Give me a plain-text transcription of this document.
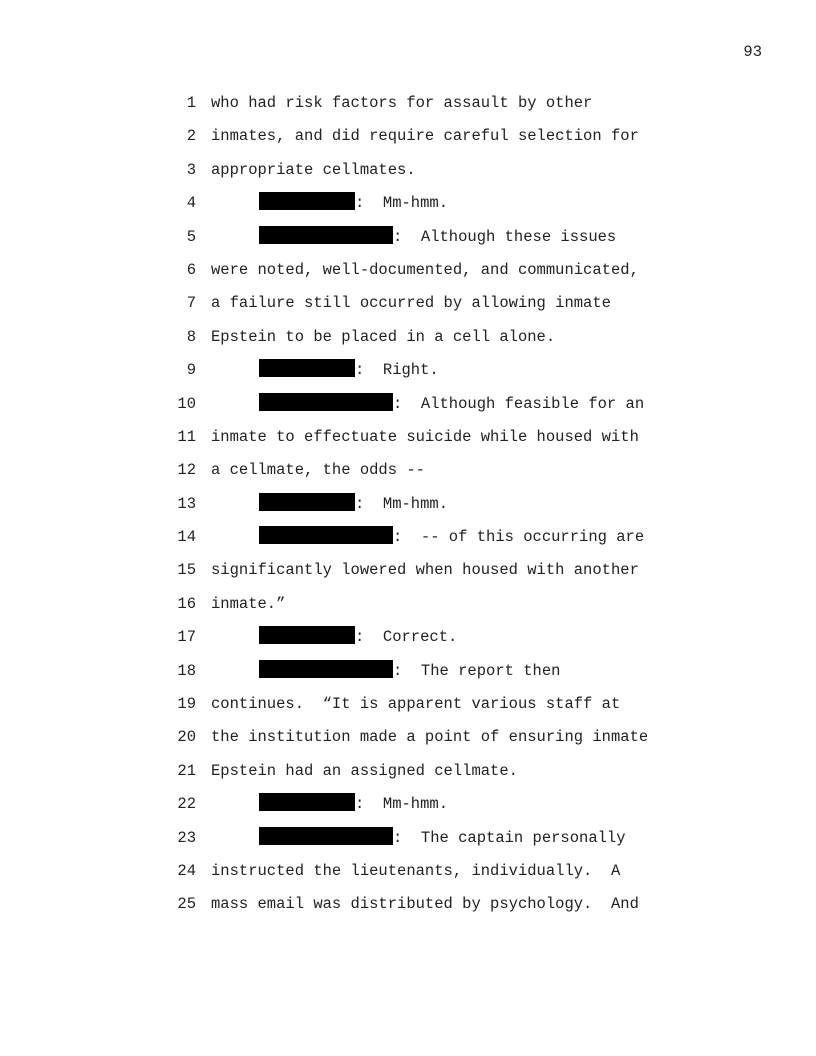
93
1 who had risk factors for assault by other
2 inmates, and did require careful selection for
3 appropriate cellmates.
4	:  Mm-hmm.
5	:  Although these issues
6 were noted, well-documented, and communicated,
7 a failure still occurred by allowing inmate
8 Epstein to be placed in a cell alone.
9	:  Right.
10	:  Although feasible for an
11 inmate to effectuate suicide while housed with
12 a cellmate, the odds --
13	:  Mm-hmm.
14	:  -- of this occurring are
15 significantly lowered when housed with another
16 inmate.”
17	:  Correct.
18	:  The report then
19 continues.  “It is apparent various staff at
20 the institution made a point of ensuring inmate
21 Epstein had an assigned cellmate.
22	:  Mm-hmm.
23	:  The captain personally
24 instructed the lieutenants, individually.  A
25 mass email was distributed by psychology.  And
